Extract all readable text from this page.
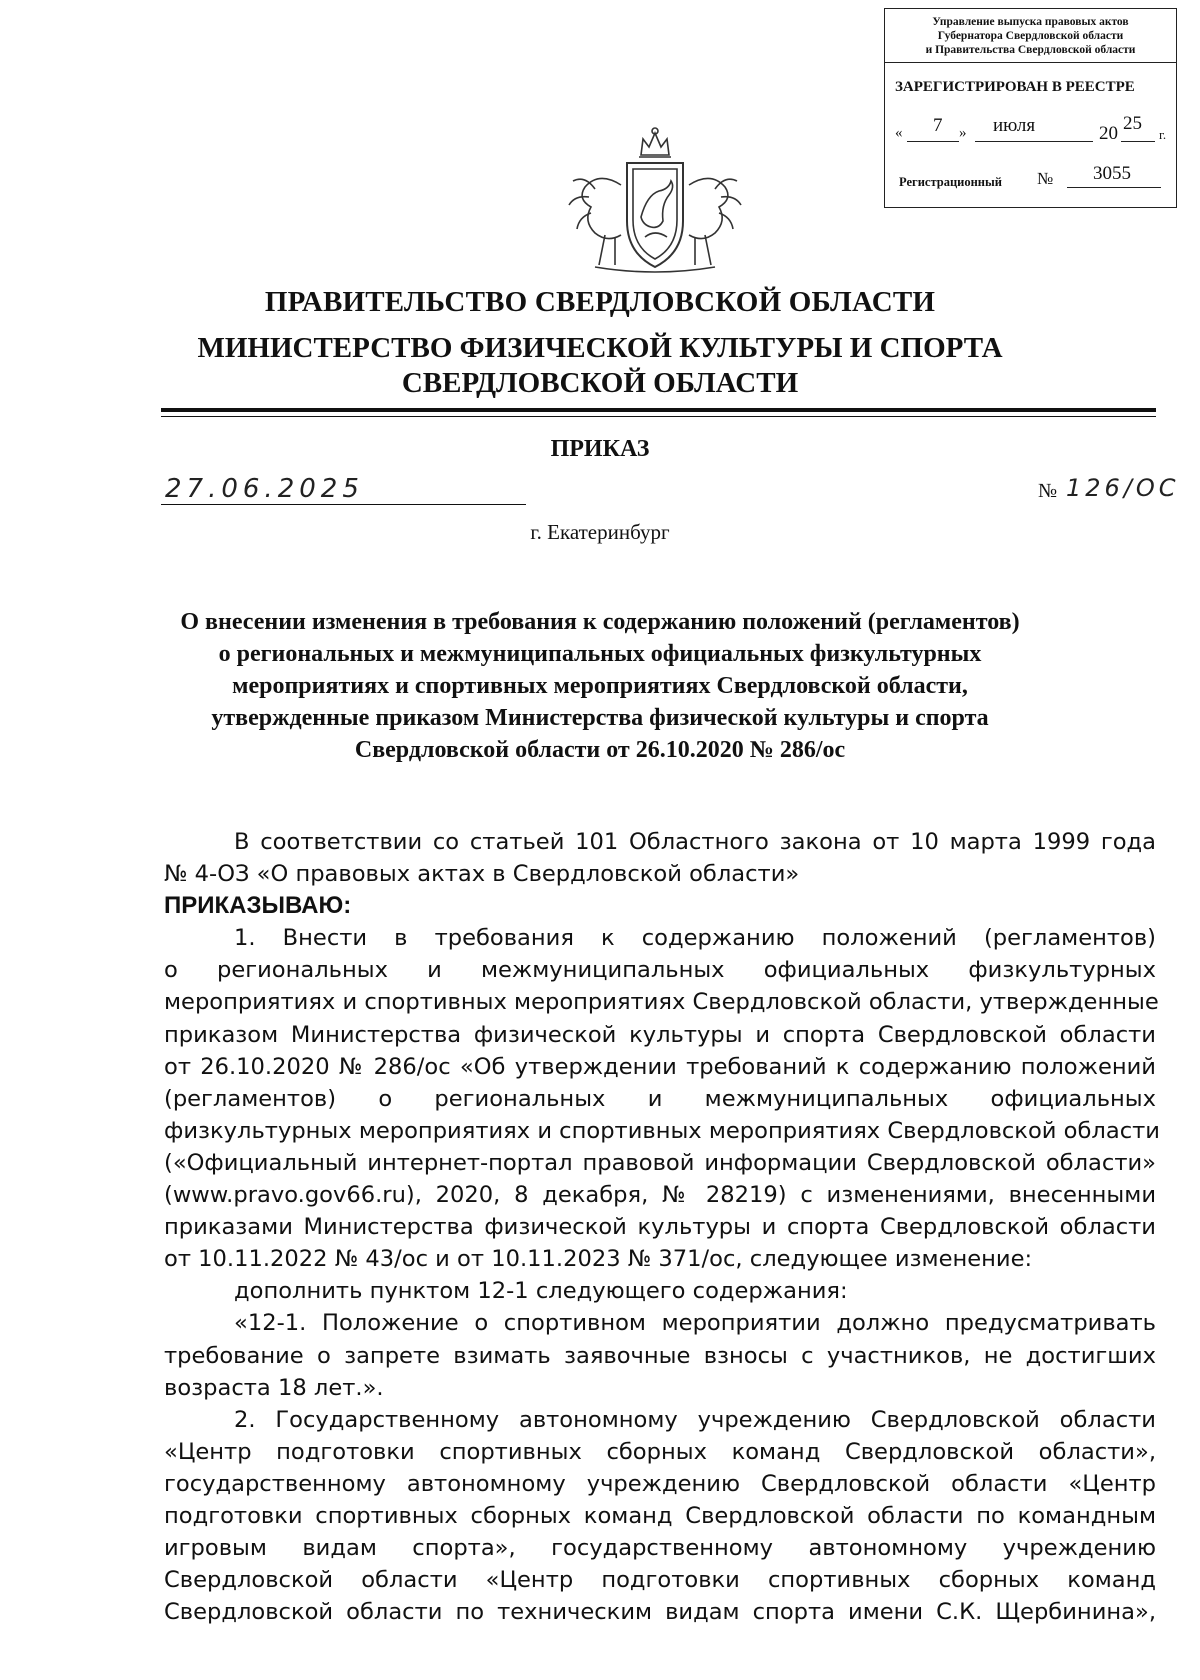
Управление выпуска правовых актов
Губернатора Свердловской области
и Правительства Свердловской области
ЗАРЕГИСТРИРОВАН В РЕЕСТРЕ
« 7 » июля	20 25
г.
Регистрационный № 3055
ПРАВИТЕЛЬСТВО СВЕРДЛОВСКОЙ ОБЛАСТИ
МИНИСТЕРСТВО ФИЗИЧЕСКОЙ КУЛЬТУРЫ И СПОРТА
СВЕРДЛОВСКОЙ ОБЛАСТИ
ПРИКАЗ
27.06.2025	№ 126/ОС
г. Екатеринбург
О внесении изменения в требования к содержанию положений (регламентов)
о региональных и межмуниципальных официальных физкультурных
мероприятиях и спортивных мероприятиях Свердловской области,
утвержденные приказом Министерства физической культуры и спорта
Свердловской области от 26.10.2020 № 286/ос
В соответствии со статьей 101 Областного закона от 10 марта 1999 года
№ 4-ОЗ «О правовых актах в Свердловской области»
ПРИКАЗЫВАЮ:
1. Внести в требования к содержанию положений (регламентов)
о региональных и межмуниципальных официальных физкультурных
мероприятиях и спортивных мероприятиях Свердловской области, утвержденные
приказом Министерства физической культуры и спорта Свердловской области
от 26.10.2020 № 286/ос «Об утверждении требований к содержанию положений
(регламентов) о региональных и межмуниципальных официальных
физкультурных мероприятиях и спортивных мероприятиях Свердловской области
(«Официальный интернет-портал правовой информации Свердловской области»
(www.pravo.gov66.ru), 2020, 8 декабря, № 28219) с изменениями, внесенными
приказами Министерства физической культуры и спорта Свердловской области
от 10.11.2022 № 43/ос и от 10.11.2023 № 371/ос, следующее изменение:
дополнить пунктом 12-1 следующего содержания:
«12-1. Положение о спортивном мероприятии должно предусматривать
требование о запрете взимать заявочные взносы с участников, не достигших
возраста 18 лет.».
2. Государственному автономному учреждению Свердловской области
«Центр подготовки спортивных сборных команд Свердловской области»,
государственному автономному учреждению Свердловской области «Центр
подготовки спортивных сборных команд Свердловской области по командным
игровым видам спорта», государственному автономному учреждению
Свердловской области «Центр подготовки спортивных сборных команд
Свердловской области по техническим видам спорта имени С.К. Щербинина»,
